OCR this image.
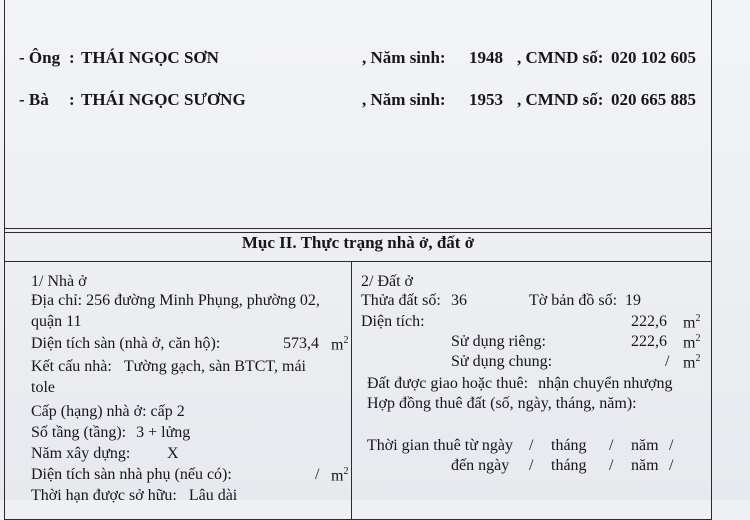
- Ông : THÁI NGỌC SƠN	, Năm sinh: 1948 , CMND số: 020 102 605
- Bà : THÁI NGỌC SƯƠNG	, Năm sinh: 1953 , CMND số: 020 665 885
Mục II. Thực trạng nhà ở, đất ở
1/ Nhà ở
Địa chỉ: 256 đường Minh Phụng, phường 02,
quận 11
Diện tích sàn (nhà ở, căn hộ):	573,4 $m^2$
Kết cấu nhà: Tường gạch, sàn BTCT, mái
tole
Cấp (hạng) nhà ở: cấp 2
Số tầng (tầng): 3 + lửng
Năm xây dựng: X
Diện tích sàn nhà phụ (nếu có):	/ $m^2$
Thời hạn được sở hữu: Lâu dài
2/ Đất ở
Thửa đất số: 36	Tờ bản đồ số: 19
Diện tích:	222,6 $m^2$
Sử dụng riêng:	222,6 $m^2$
Sử dụng chung:	/ $m^2$
Đất được giao hoặc thuê: nhận chuyển nhượng
Hợp đồng thuê đất (số, ngày, tháng, năm):
Thời gian thuê từ ngày / tháng / năm /
đến ngày / tháng / năm /
